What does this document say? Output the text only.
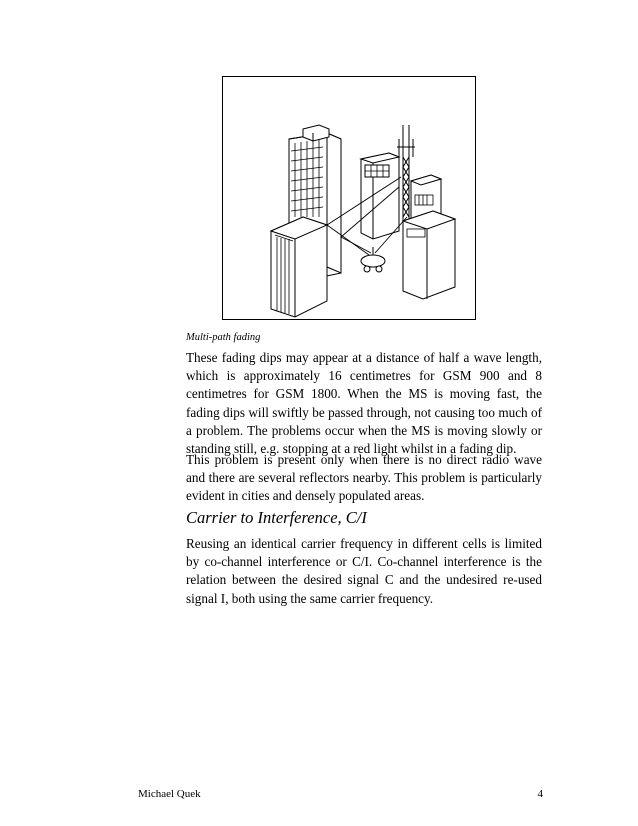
Multi-path fading

These fading dips may appear at a distance of half a wave length, which is approximately 16 centimetres for GSM 900 and 8 centimetres for GSM 1800. When the MS is moving fast, the fading dips will swiftly be passed through, not causing too much of a problem. The problems occur when the MS is moving slowly or standing still, e.g. stopping at a red light whilst in a fading dip.

This problem is present only when there is no direct radio wave and there are several reflectors nearby. This problem is particularly evident in cities and densely populated areas.

Carrier to Interference, C/I

Reusing an identical carrier frequency in different cells is limited by co-channel interference or C/I. Co-channel interference is the relation between the desired signal C and the undesired re-used signal I, both using the same carrier frequency.

Michael Quek	4
